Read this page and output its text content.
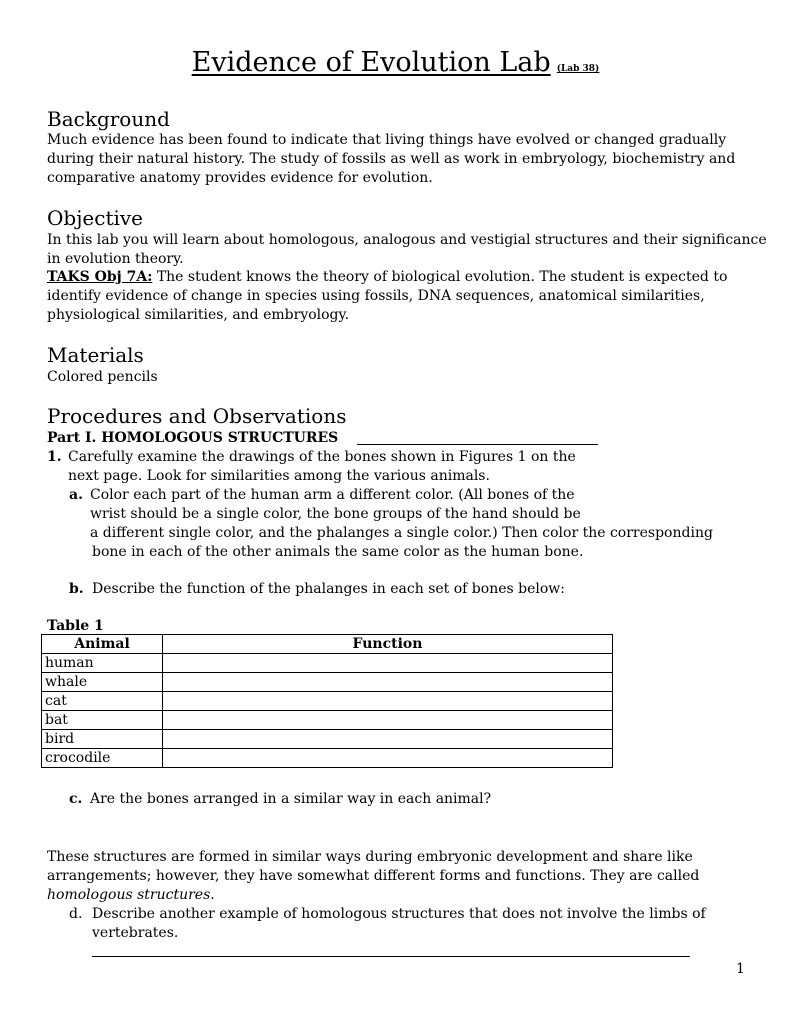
Evidence of Evolution Lab (Lab 38)
Background

Much evidence has been found to indicate that living things have evolved or changed gradually during their natural history. The study of fossils as well as work in embryology, biochemistry and comparative anatomy provides evidence for evolution.

Objective

In this lab you will learn about homologous, analogous and vestigial structures and their significance in evolution theory.

TAKS Obj 7A: The student knows the theory of biological evolution. The student is expected to identify evidence of change in species using fossils, DNA sequences, anatomical similarities, physiological similarities, and embryology.

Materials

Colored pencils

Procedures and Observations

Part I. HOMOLOGOUS STRUCTURES

1. Carefully examine the drawings of the bones shown in Figures 1 on the

next page. Look for similarities among the various animals.

a. Color each part of the human arm a different color. (All bones of the

wrist should be a single color, the bone groups of the hand should be

a different single color, and the phalanges a single color.) Then color the corresponding

bone in each of the other animals the same color as the human bone.

b. Describe the function of the phalanges in each set of bones below:

Table 1

Animal	Function
human	
whale	
cat	
bat	
bird	
crocodile	

c. Are the bones arranged in a similar way in each animal?

These structures are formed in similar ways during embryonic development and share like arrangements; however, they have somewhat different forms and functions. They are called homologous structures.

d. Describe another example of homologous structures that does not involve the limbs of

vertebrates.

1
